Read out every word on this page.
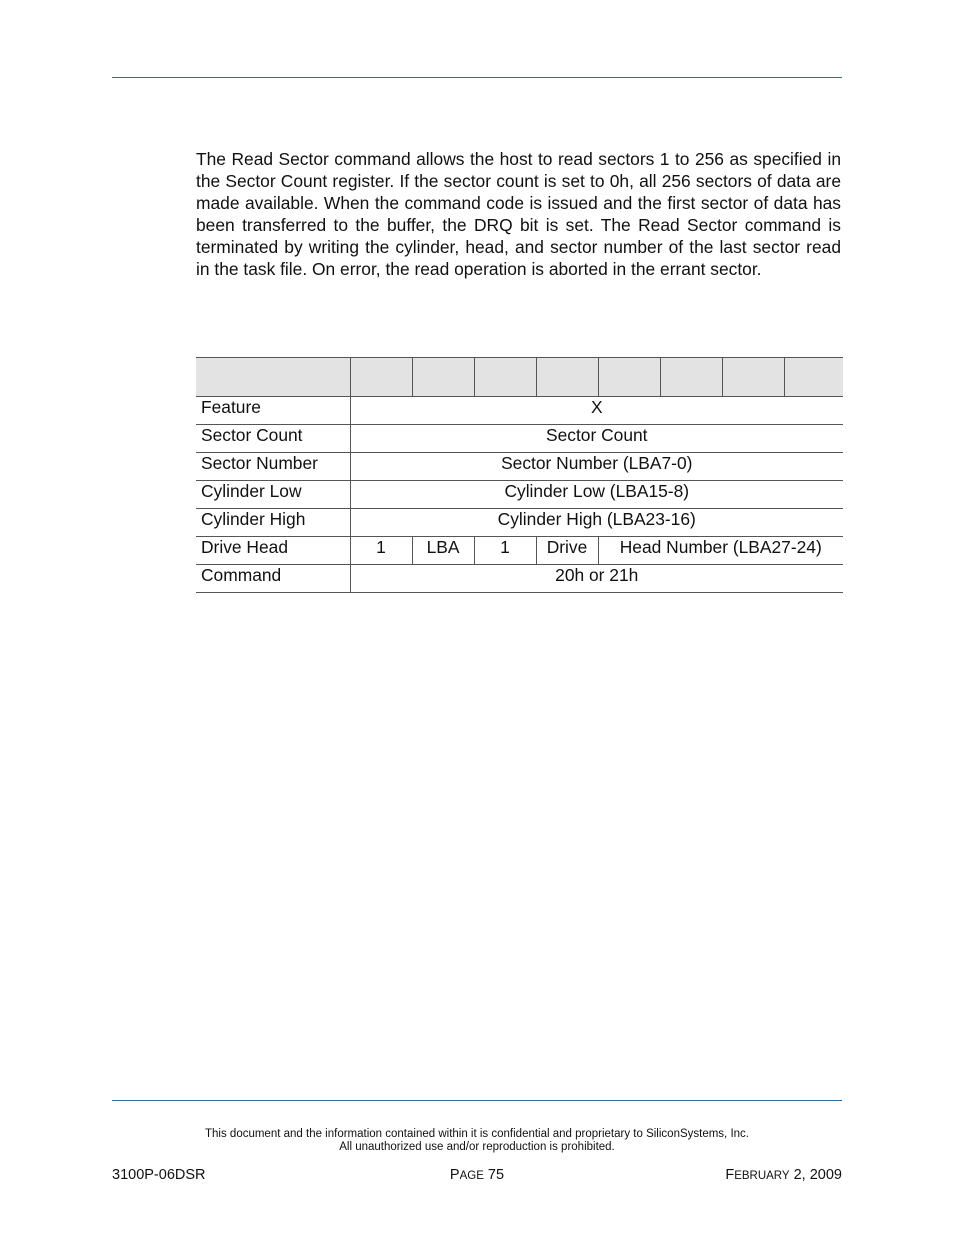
The Read Sector command allows the host to read sectors 1 to 256 as specified in the Sector Count register. If the sector count is set to 0h, all 256 sectors of data are made available. When the command code is issued and the first sector of data has been transferred to the buffer, the DRQ bit is set. The Read Sector command is terminated by writing the cylinder, head, and sector number of the last sector read in the task file. On error, the read operation is aborted in the errant sector.

Feature	X							
Sector Count	Sector Count							
Sector Number	Sector Number (LBA7-0)							
Cylinder Low	Cylinder Low (LBA15-8)							
Cylinder High	Cylinder High (LBA23-16)							
Drive Head	1	LBA	1	Drive	Head Number (LBA27-24)			
Command	20h or 21h							

This document and the information contained within it is confidential and proprietary to SiliconSystems, Inc.

All unauthorized use and/or reproduction is prohibited.

3100P-06DSR	PAGE 75	FEBRUARY 2, 2009
